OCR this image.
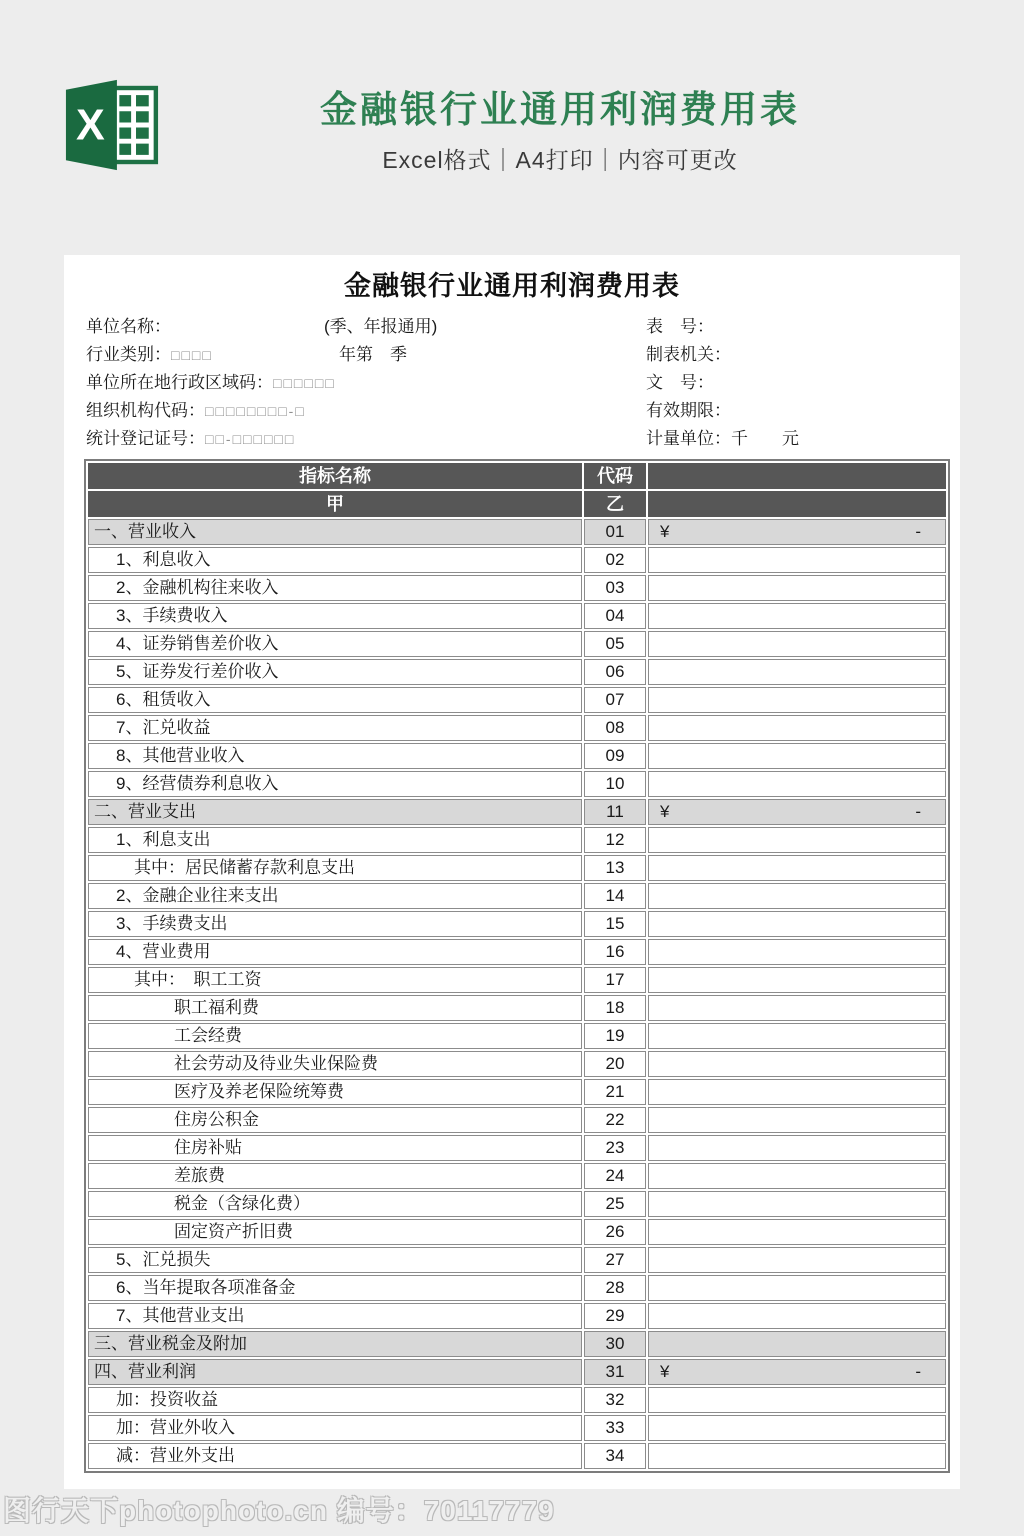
X	金融银行业通用利润费用表
Excel格式｜A4打印｜内容可更改
金融银行业通用利润费用表
单位名称：	(季、年报通用)	表　号：
行业类别：□□□□	年第　季	制表机关：
单位所在地行政区域码：□□□□□□	文　号：
组织机构代码：□□□□□□□□-□	有效期限：
统计登记证号：□□-□□□□□□	计量单位：千　　元
指标名称	代码	
甲	乙	
一、营业收入	01	¥ -

1、利息收入	02	
2、金融机构往来收入	03	
3、手续费收入	04	
4、证券销售差价收入	05	
5、证券发行差价收入	06	
6、租赁收入	07	
7、汇兑收益	08	
8、其他营业收入	09	
9、经营债券利息收入	10	
二、营业支出	11	¥ -

1、利息支出	12	
其中：居民储蓄存款利息支出	13	
2、金融企业往来支出	14	
3、手续费支出	15	
4、营业费用	16	
其中：　职工工资	17	
职工福利费	18	
工会经费	19	
社会劳动及待业失业保险费	20	
医疗及养老保险统筹费	21	
住房公积金	22	
住房补贴	23	
差旅费	24	
税金（含绿化费）	25	
固定资产折旧费	26	
5、汇兑损失	27	
6、当年提取各项准备金	28	
7、其他营业支出	29	
三、营业税金及附加	30	
四、营业利润	31	¥ -

加：投资收益	32	
加：营业外收入	33	
减：营业外支出	34	
图行天下photophoto.cn 编号：70117779
